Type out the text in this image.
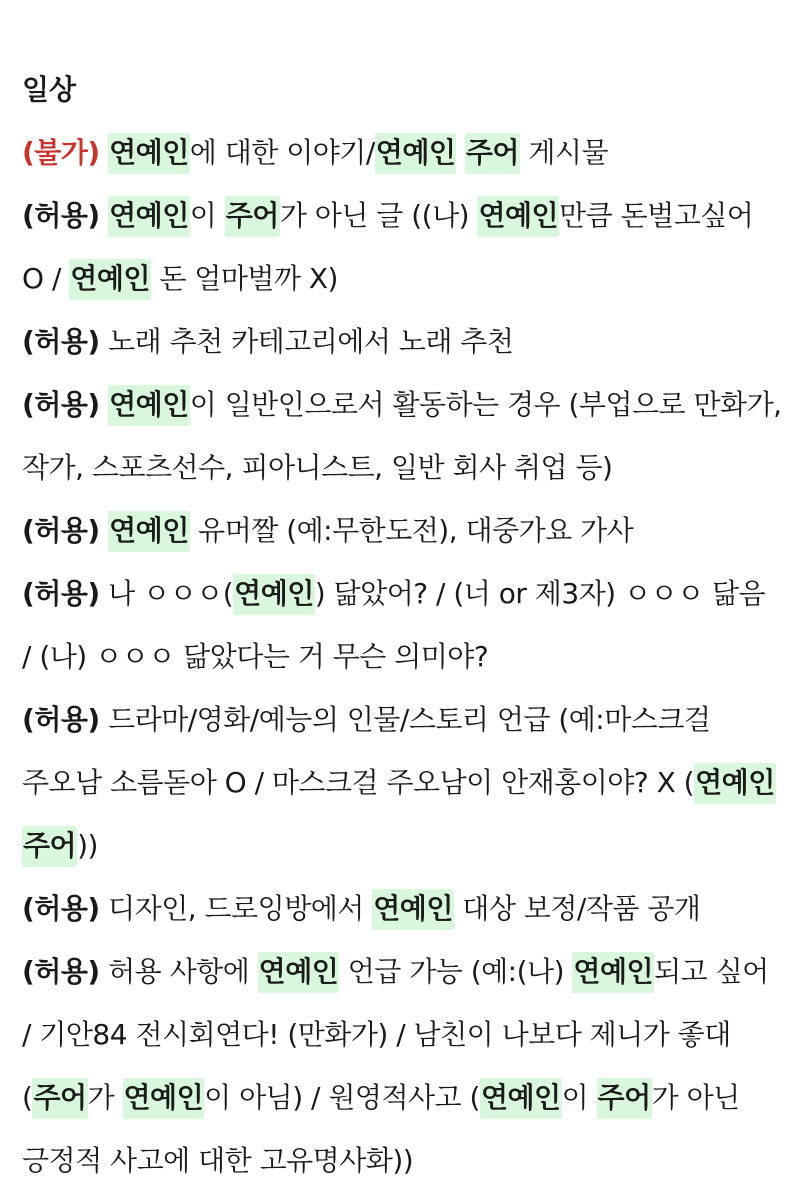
일상

(불가) 연예인에 대한 이야기/연예인 주어 게시물

(허용) 연예인이 주어가 아닌 글 ((나) 연예인만큼 돈벌고싶어 O / 연예인 돈 얼마벌까 X)

(허용) 노래 추천 카테고리에서 노래 추천

(허용) 연예인이 일반인으로서 활동하는 경우 (부업으로 만화가, 작가, 스포츠선수, 피아니스트, 일반 회사 취업 등)

(허용) 연예인 유머짤 (예:무한도전), 대중가요 가사

(허용) 나 ㅇㅇㅇ(연예인) 닮았어? / (너 or 제3자) ㅇㅇㅇ 닮음 / (나) ㅇㅇㅇ 닮았다는 거 무슨 의미야?

(허용) 드라마/영화/예능의 인물/스토리 언급 (예:마스크걸 주오남 소름돋아 O / 마스크걸 주오남이 안재홍이야? X (연예인 주어))

(허용) 디자인, 드로잉방에서 연예인 대상 보정/작품 공개

(허용) 허용 사항에 연예인 언급 가능 (예:(나) 연예인되고 싶어 / 기안84 전시회연다! (만화가) / 남친이 나보다 제니가 좋대 (주어가 연예인이 아님) / 원영적사고 (연예인이 주어가 아닌 긍정적 사고에 대한 고유명사화))
